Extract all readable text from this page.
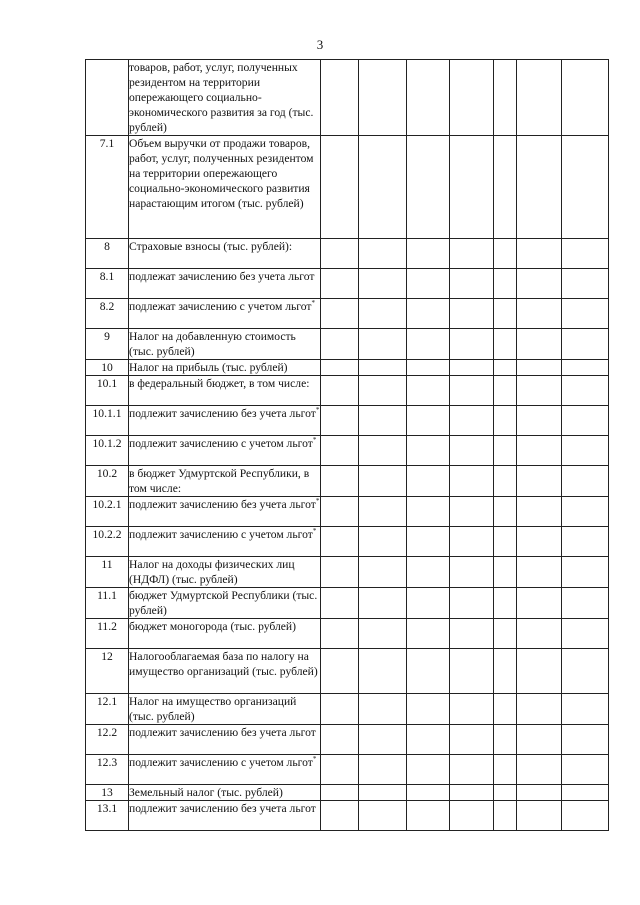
3
	товаров, работ, услуг, полученных резидентом на территории опережающего социально-экономического развития за год (тыс. рублей)							
7.1	Объем выручки от продажи товаров, работ, услуг, полученных резидентом на территории опережающего социально-экономического развития нарастающим итогом (тыс. рублей)							
8	Страховые взносы (тыс. рублей):							
8.1	подлежат зачислению без учета льгот							
8.2	подлежат зачислению с учетом льгот*							
9	Налог на добавленную стоимость (тыс. рублей)							
10	Налог на прибыль (тыс. рублей)							
10.1	в федеральный бюджет, в том числе:							
10.1.1	подлежит зачислению без учета льгот*							
10.1.2	подлежит зачислению с учетом льгот*							
10.2	в бюджет Удмуртской Республики, в том числе:							
10.2.1	подлежит зачислению без учета льгот*							
10.2.2	подлежит зачислению с учетом льгот*							
11	Налог на доходы физических лиц (НДФЛ) (тыс. рублей)							
11.1	бюджет Удмуртской Республики (тыс. рублей)							
11.2	бюджет моногорода (тыс. рублей)							
12	Налогооблагаемая база по налогу на имущество организаций (тыс. рублей)							
12.1	Налог на имущество организаций (тыс. рублей)							
12.2	подлежит зачислению без учета льгот							
12.3	подлежит зачислению с учетом льгот*							
13	Земельный налог (тыс. рублей)							
13.1	подлежит зачислению без учета льгот							
